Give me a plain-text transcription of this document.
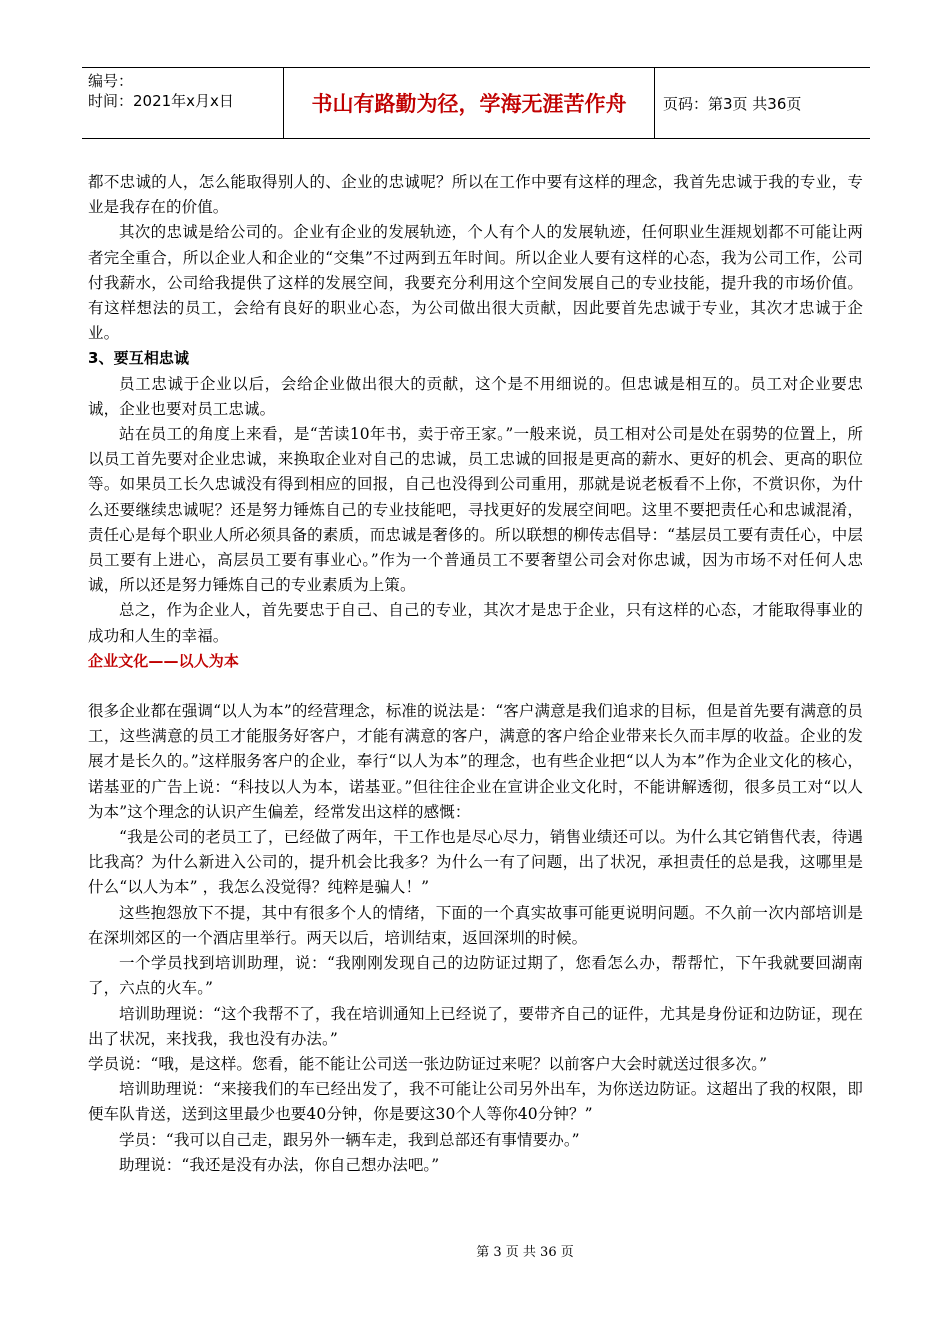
编号：
时间：2021年x月x日	书山有路勤为径，学海无涯苦作舟	页码：第3页 共36页

都不忠诚的人，怎么能取得别人的、企业的忠诚呢？所以在工作中要有这样的理念，我首先忠诚于我的专业，专业是我存在的价值。

其次的忠诚是给公司的。企业有企业的发展轨迹，个人有个人的发展轨迹，任何职业生涯规划都不可能让两者完全重合，所以企业人和企业的“交集”不过两到五年时间。所以企业人要有这样的心态，我为公司工作，公司付我薪水，公司给我提供了这样的发展空间，我要充分利用这个空间发展自己的专业技能，提升我的市场价值。有这样想法的员工，会给有良好的职业心态，为公司做出很大贡献，因此要首先忠诚于专业，其次才忠诚于企业。

3、要互相忠诚

员工忠诚于企业以后，会给企业做出很大的贡献，这个是不用细说的。但忠诚是相互的。员工对企业要忠诚，企业也要对员工忠诚。

站在员工的角度上来看，是“苦读10年书，卖于帝王家。”一般来说，员工相对公司是处在弱势的位置上，所以员工首先要对企业忠诚，来换取企业对自己的忠诚，员工忠诚的回报是更高的薪水、更好的机会、更高的职位等。如果员工长久忠诚没有得到相应的回报，自己也没得到公司重用，那就是说老板看不上你，不赏识你，为什么还要继续忠诚呢？还是努力锤炼自己的专业技能吧，寻找更好的发展空间吧。这里不要把责任心和忠诚混淆，责任心是每个职业人所必须具备的素质，而忠诚是奢侈的。所以联想的柳传志倡导：“基层员工要有责任心，中层员工要有上进心，高层员工要有事业心。”作为一个普通员工不要奢望公司会对你忠诚，因为市场不对任何人忠诚，所以还是努力锤炼自己的专业素质为上策。

总之，作为企业人，首先要忠于自己、自己的专业，其次才是忠于企业，只有这样的心态，才能取得事业的成功和人生的幸福。

企业文化——以人为本

很多企业都在强调“以人为本”的经营理念，标准的说法是：“客户满意是我们追求的目标，但是首先要有满意的员工，这些满意的员工才能服务好客户，才能有满意的客户，满意的客户给企业带来长久而丰厚的收益。企业的发展才是长久的。”这样服务客户的企业，奉行“以人为本”的理念，也有些企业把“以人为本”作为企业文化的核心，诺基亚的广告上说：“科技以人为本，诺基亚。”但往往企业在宣讲企业文化时，不能讲解透彻，很多员工对“以人为本”这个理念的认识产生偏差，经常发出这样的感慨：

“我是公司的老员工了，已经做了两年，干工作也是尽心尽力，销售业绩还可以。为什么其它销售代表，待遇比我高？为什么新进入公司的，提升机会比我多？为什么一有了问题，出了状况，承担责任的总是我，这哪里是什么“以人为本” ，我怎么没觉得？纯粹是骗人！”

这些抱怨放下不提，其中有很多个人的情绪，下面的一个真实故事可能更说明问题。不久前一次内部培训是在深圳郊区的一个酒店里举行。两天以后，培训结束，返回深圳的时候。

一个学员找到培训助理，说：“我刚刚发现自己的边防证过期了，您看怎么办，帮帮忙，下午我就要回湖南了，六点的火车。”

培训助理说：“这个我帮不了，我在培训通知上已经说了，要带齐自己的证件，尤其是身份证和边防证，现在出了状况，来找我，我也没有办法。”

学员说：“哦，是这样。您看，能不能让公司送一张边防证过来呢？以前客户大会时就送过很多次。”

培训助理说：“来接我们的车已经出发了，我不可能让公司另外出车，为你送边防证。这超出了我的权限，即便车队肯送，送到这里最少也要40分钟，你是要这30个人等你40分钟？”

学员：“我可以自己走，跟另外一辆车走，我到总部还有事情要办。”

助理说：“我还是没有办法，你自己想办法吧。”

第 3 页 共 36 页
